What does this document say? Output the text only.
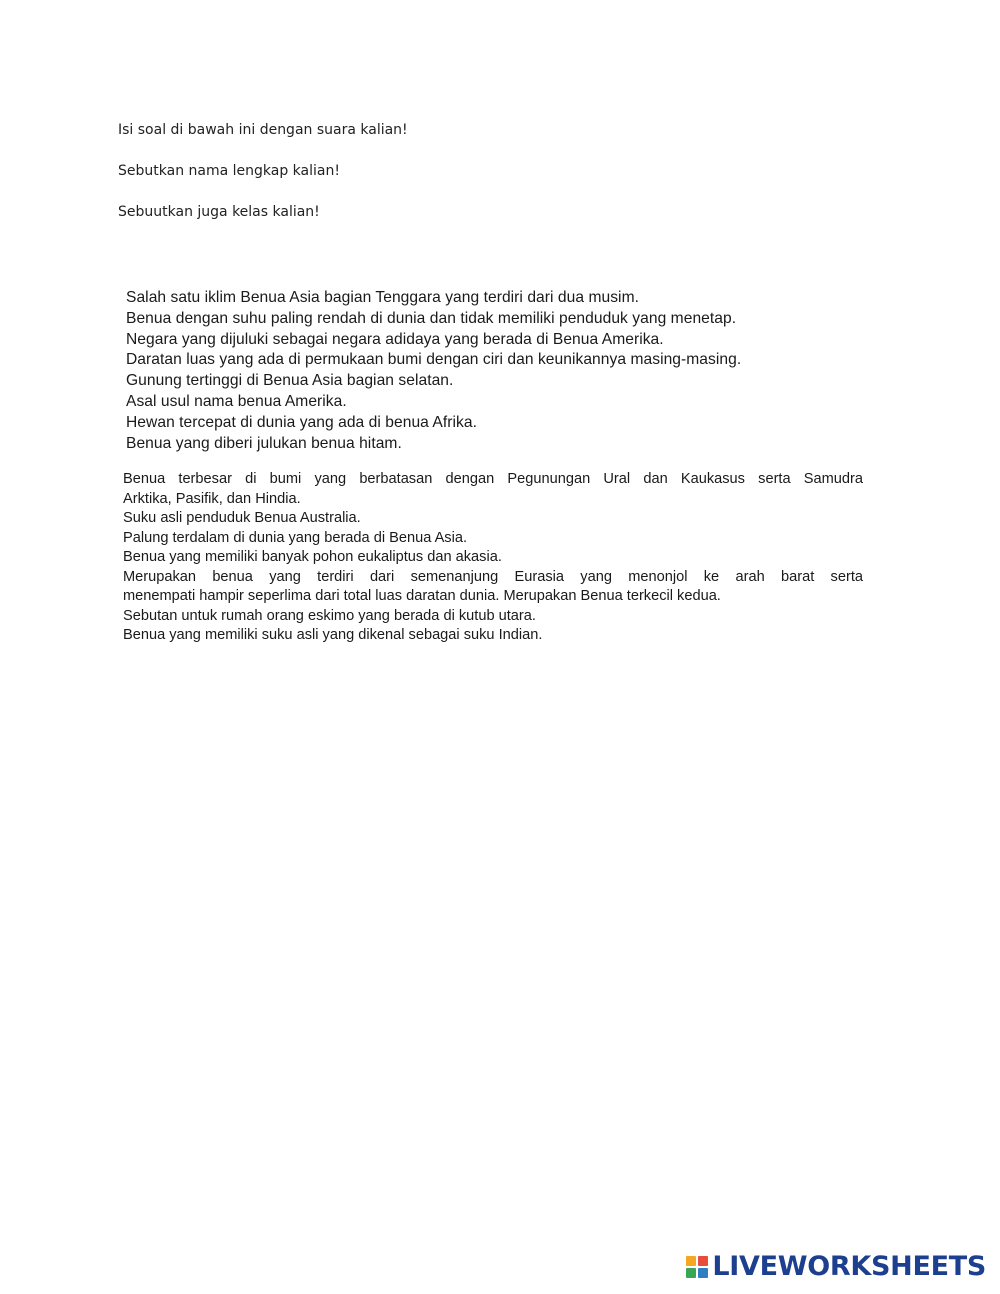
Isi soal di bawah ini dengan suara kalian!

Sebutkan nama lengkap kalian!

Sebuutkan juga kelas kalian!

Salah satu iklim Benua Asia bagian Tenggara yang terdiri dari dua musim.
Benua dengan suhu paling rendah di dunia dan tidak memiliki penduduk yang menetap.
Negara yang dijuluki sebagai negara adidaya yang berada di Benua Amerika.
Daratan luas yang ada di permukaan bumi dengan ciri dan keunikannya masing-masing.
Gunung tertinggi di Benua Asia bagian selatan.
Asal usul nama benua Amerika.
Hewan tercepat di dunia yang ada di benua Afrika.
Benua yang diberi julukan benua hitam.
Benua terbesar di bumi yang berbatasan dengan Pegunungan Ural dan Kaukasus serta Samudra
Arktika, Pasifik, dan Hindia.
Suku asli penduduk Benua Australia.
Palung terdalam di dunia yang berada di Benua Asia.
Benua yang memiliki banyak pohon eukaliptus dan akasia.
Merupakan benua yang terdiri dari semenanjung Eurasia yang menonjol ke arah barat serta
menempati hampir seperlima dari total luas daratan dunia. Merupakan Benua terkecil kedua.
Sebutan untuk rumah orang eskimo yang berada di kutub utara.
Benua yang memiliki suku asli yang dikenal sebagai suku Indian.
LIVEWORKSHEETS
